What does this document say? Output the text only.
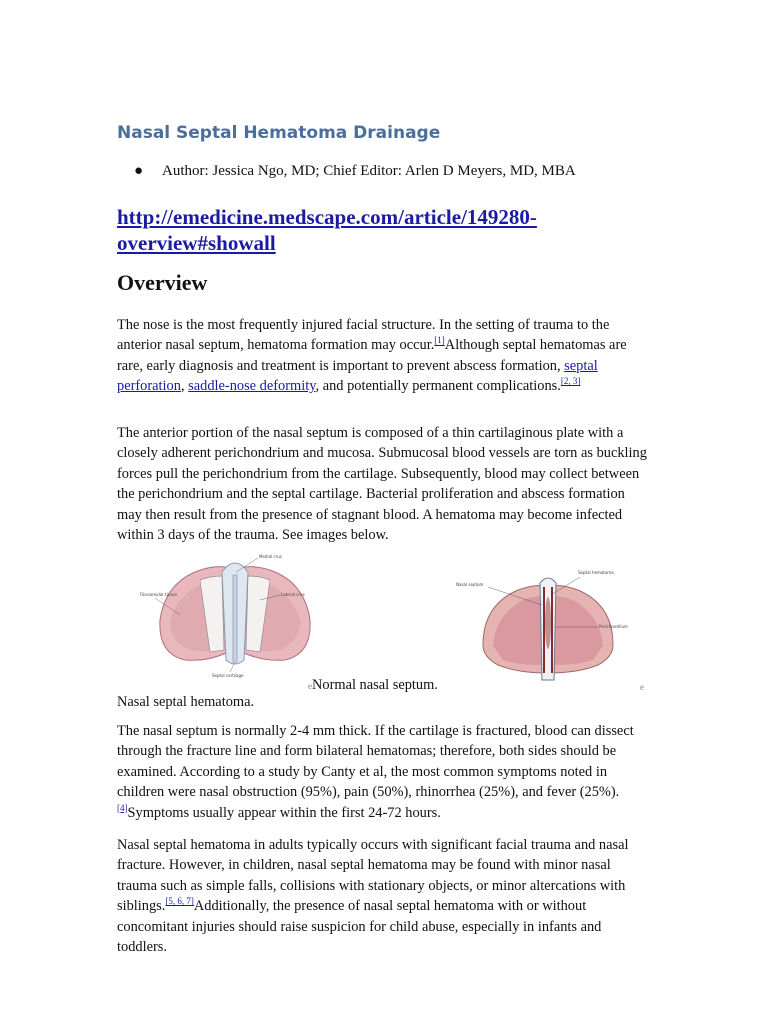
Nasal Septal Hematoma Drainage
● Author: Jessica Ngo, MD; Chief Editor: Arlen D Meyers, MD, MBA
http://emedicine.medscape.com/article/149280-overview#showall
Overview
The nose is the most frequently injured facial structure. In the setting of trauma to the anterior nasal septum, hematoma formation may occur.[1]Although septal hematomas are rare, early diagnosis and treatment is important to prevent abscess formation, septal perforation, saddle-nose deformity, and potentially permanent complications.[2, 3]
The anterior portion of the nasal septum is composed of a thin cartilaginous plate with a closely adherent perichondrium and mucosa. Submucosal blood vessels are torn as buckling forces pull the perichondrium from the cartilage. Subsequently, blood may collect between the perichondrium and the septal cartilage. Bacterial proliferation and abscess formation may then result from the presence of stagnant blood. A hematoma may become infected within 3 days of the trauma. See images below.
Medial crus
Fibroareolar tissue	Lateral crus
Septal cartilage
Septal hematoma
Nasal septum
Perichondrium
eNormal nasal septum.	e
Nasal septal hematoma.
The nasal septum is normally 2-4 mm thick. If the cartilage is fractured, blood can dissect through the fracture line and form bilateral hematomas; therefore, both sides should be examined. According to a study by Canty et al, the most common symptoms noted in children were nasal obstruction (95%), pain (50%), rhinorrhea (25%), and fever (25%).[4]Symptoms usually appear within the first 24-72 hours.
Nasal septal hematoma in adults typically occurs with significant facial trauma and nasal fracture. However, in children, nasal septal hematoma may be found with minor nasal trauma such as simple falls, collisions with stationary objects, or minor altercations with siblings.[5, 6, 7]Additionally, the presence of nasal septal hematoma with or without concomitant injuries should raise suspicion for child abuse, especially in infants and toddlers.
